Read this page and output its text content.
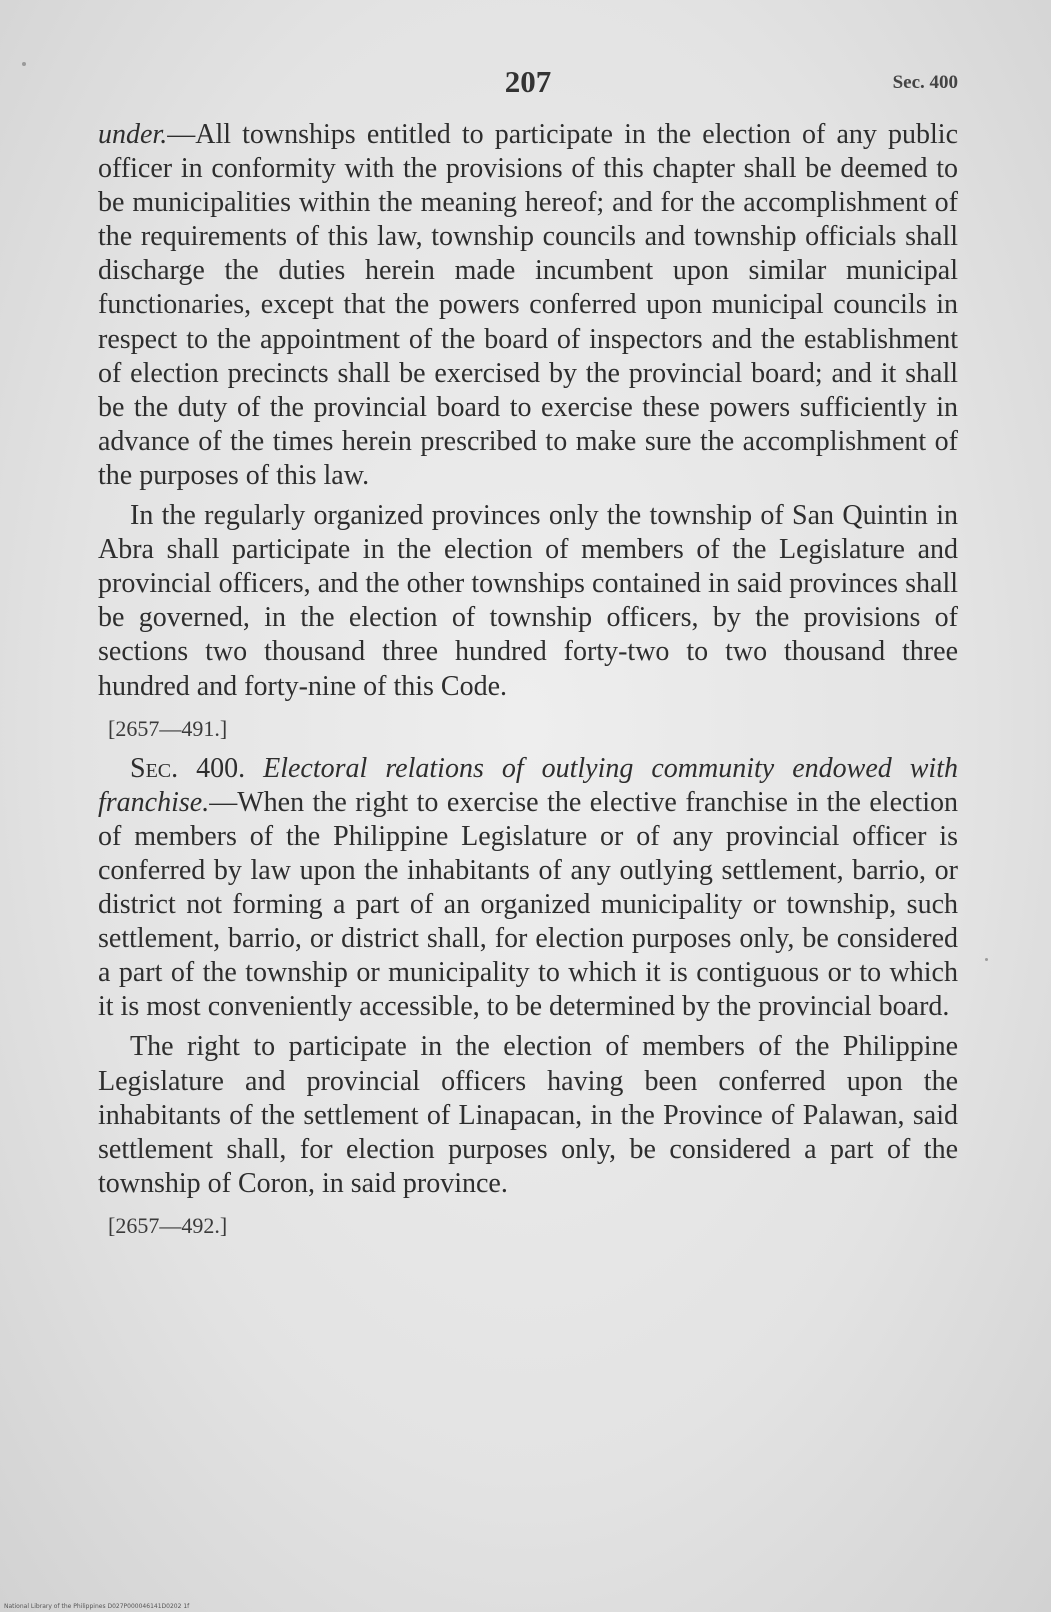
207	Sec. 400

under.—All townships entitled to participate in the election of any public officer in conformity with the provisions of this chapter shall be deemed to be municipalities within the meaning hereof; and for the accomplishment of the requirements of this law, township councils and township officials shall discharge the duties herein made incumbent upon similar municipal functionaries, except that the powers conferred upon municipal councils in respect to the appointment of the board of inspectors and the establishment of election precincts shall be exercised by the provincial board; and it shall be the duty of the provincial board to exercise these powers sufficiently in advance of the times herein prescribed to make sure the accomplishment of the purposes of this law.

In the regularly organized provinces only the township of San Quintin in Abra shall participate in the election of members of the Legislature and provincial officers, and the other townships contained in said provinces shall be governed, in the election of township officers, by the provisions of sections two thousand three hundred forty-two to two thousand three hundred and forty-nine of this Code.

[2657—491.]

Sec. 400. Electoral relations of outlying community endowed with franchise.—When the right to exercise the elective franchise in the election of members of the Philippine Legislature or of any provincial officer is conferred by law upon the inhabitants of any outlying settlement, barrio, or district not forming a part of an organized municipality or township, such settlement, barrio, or district shall, for election purposes only, be considered a part of the township or municipality to which it is contiguous or to which it is most conveniently accessible, to be determined by the provincial board.

The right to participate in the election of members of the Philippine Legislature and provincial officers having been conferred upon the inhabitants of the settlement of Linapacan, in the Province of Palawan, said settlement shall, for election purposes only, be considered a part of the township of Coron, in said province.

[2657—492.]
National Library of the Philippines D027P000046141D0202 1f
